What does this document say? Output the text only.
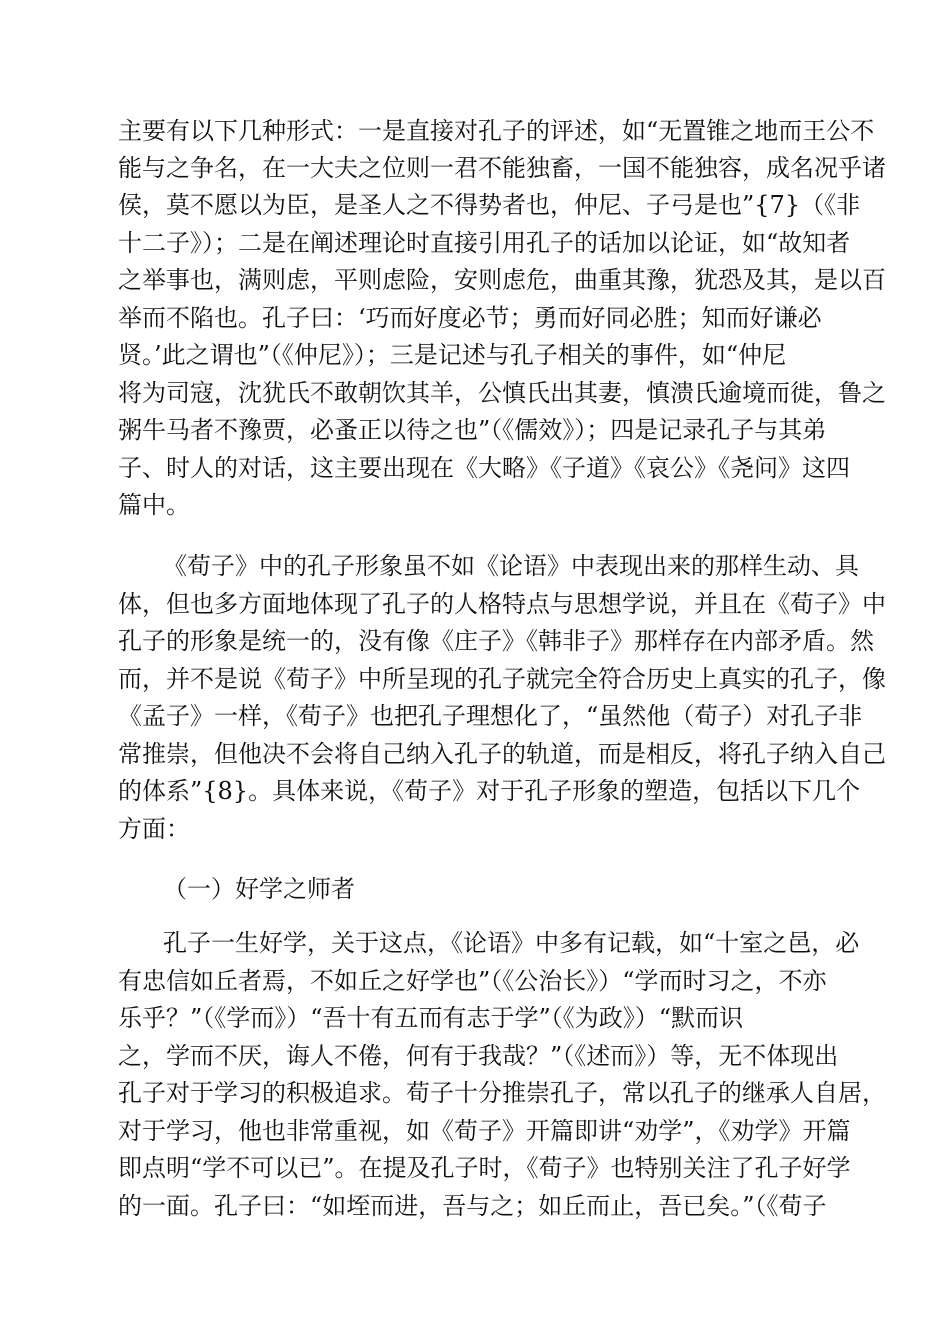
主要有以下几种形式：一是直接对孔子的评述，如“无置锥之地而王公不
能与之争名，在一大夫之位则一君不能独畜，一国不能独容，成名况乎诸
侯，莫不愿以为臣，是圣人之不得势者也，仲尼、子弓是也”{7}（《非
十二子》）；二是在阐述理论时直接引用孔子的话加以论证，如“故知者
之举事也，满则虑，平则虑险，安则虑危，曲重其豫，犹恐及其，是以百
举而不陷也。孔子曰：‘巧而好度必节；勇而好同必胜；知而好谦必
贤。’此之谓也”（《仲尼》）；三是记述与孔子相关的事件，如“仲尼
将为司寇，沈犹氏不敢朝饮其羊，公慎氏出其妻，慎溃氏逾境而徙，鲁之
粥牛马者不豫贾，必蚤正以待之也”（《儒效》）；四是记录孔子与其弟
子、时人的对话，这主要出现在《大略》《子道》《哀公》《尧问》这四
篇中。
《荀子》中的孔子形象虽不如《论语》中表现出来的那样生动、具
体，但也多方面地体现了孔子的人格特点与思想学说，并且在《荀子》中
孔子的形象是统一的，没有像《庄子》《韩非子》那样存在内部矛盾。然
而，并不是说《荀子》中所呈现的孔子就完全符合历史上真实的孔子，像
《孟子》一样，《荀子》也把孔子理想化了，“虽然他（荀子）对孔子非
常推崇，但他决不会将自己纳入孔子的轨道，而是相反，将孔子纳入自己
的体系”{8}。具体来说，《荀子》对于孔子形象的塑造，包括以下几个
方面：
（一）好学之师者
孔子一生好学，关于这点，《论语》中多有记载，如“十室之邑，必
有忠信如丘者焉，不如丘之好学也”（《公治长》）“学而时习之，不亦
乐乎？”（《学而》）“吾十有五而有志于学”（《为政》）“默而识
之，学而不厌，诲人不倦，何有于我哉？”（《述而》）等，无不体现出
孔子对于学习的积极追求。荀子十分推崇孔子，常以孔子的继承人自居，
对于学习，他也非常重视，如《荀子》开篇即讲“劝学”，《劝学》开篇
即点明“学不可以已”。在提及孔子时，《荀子》也特别关注了孔子好学
的一面。孔子曰：“如垤而进，吾与之；如丘而止，吾已矣。”（《荀子
